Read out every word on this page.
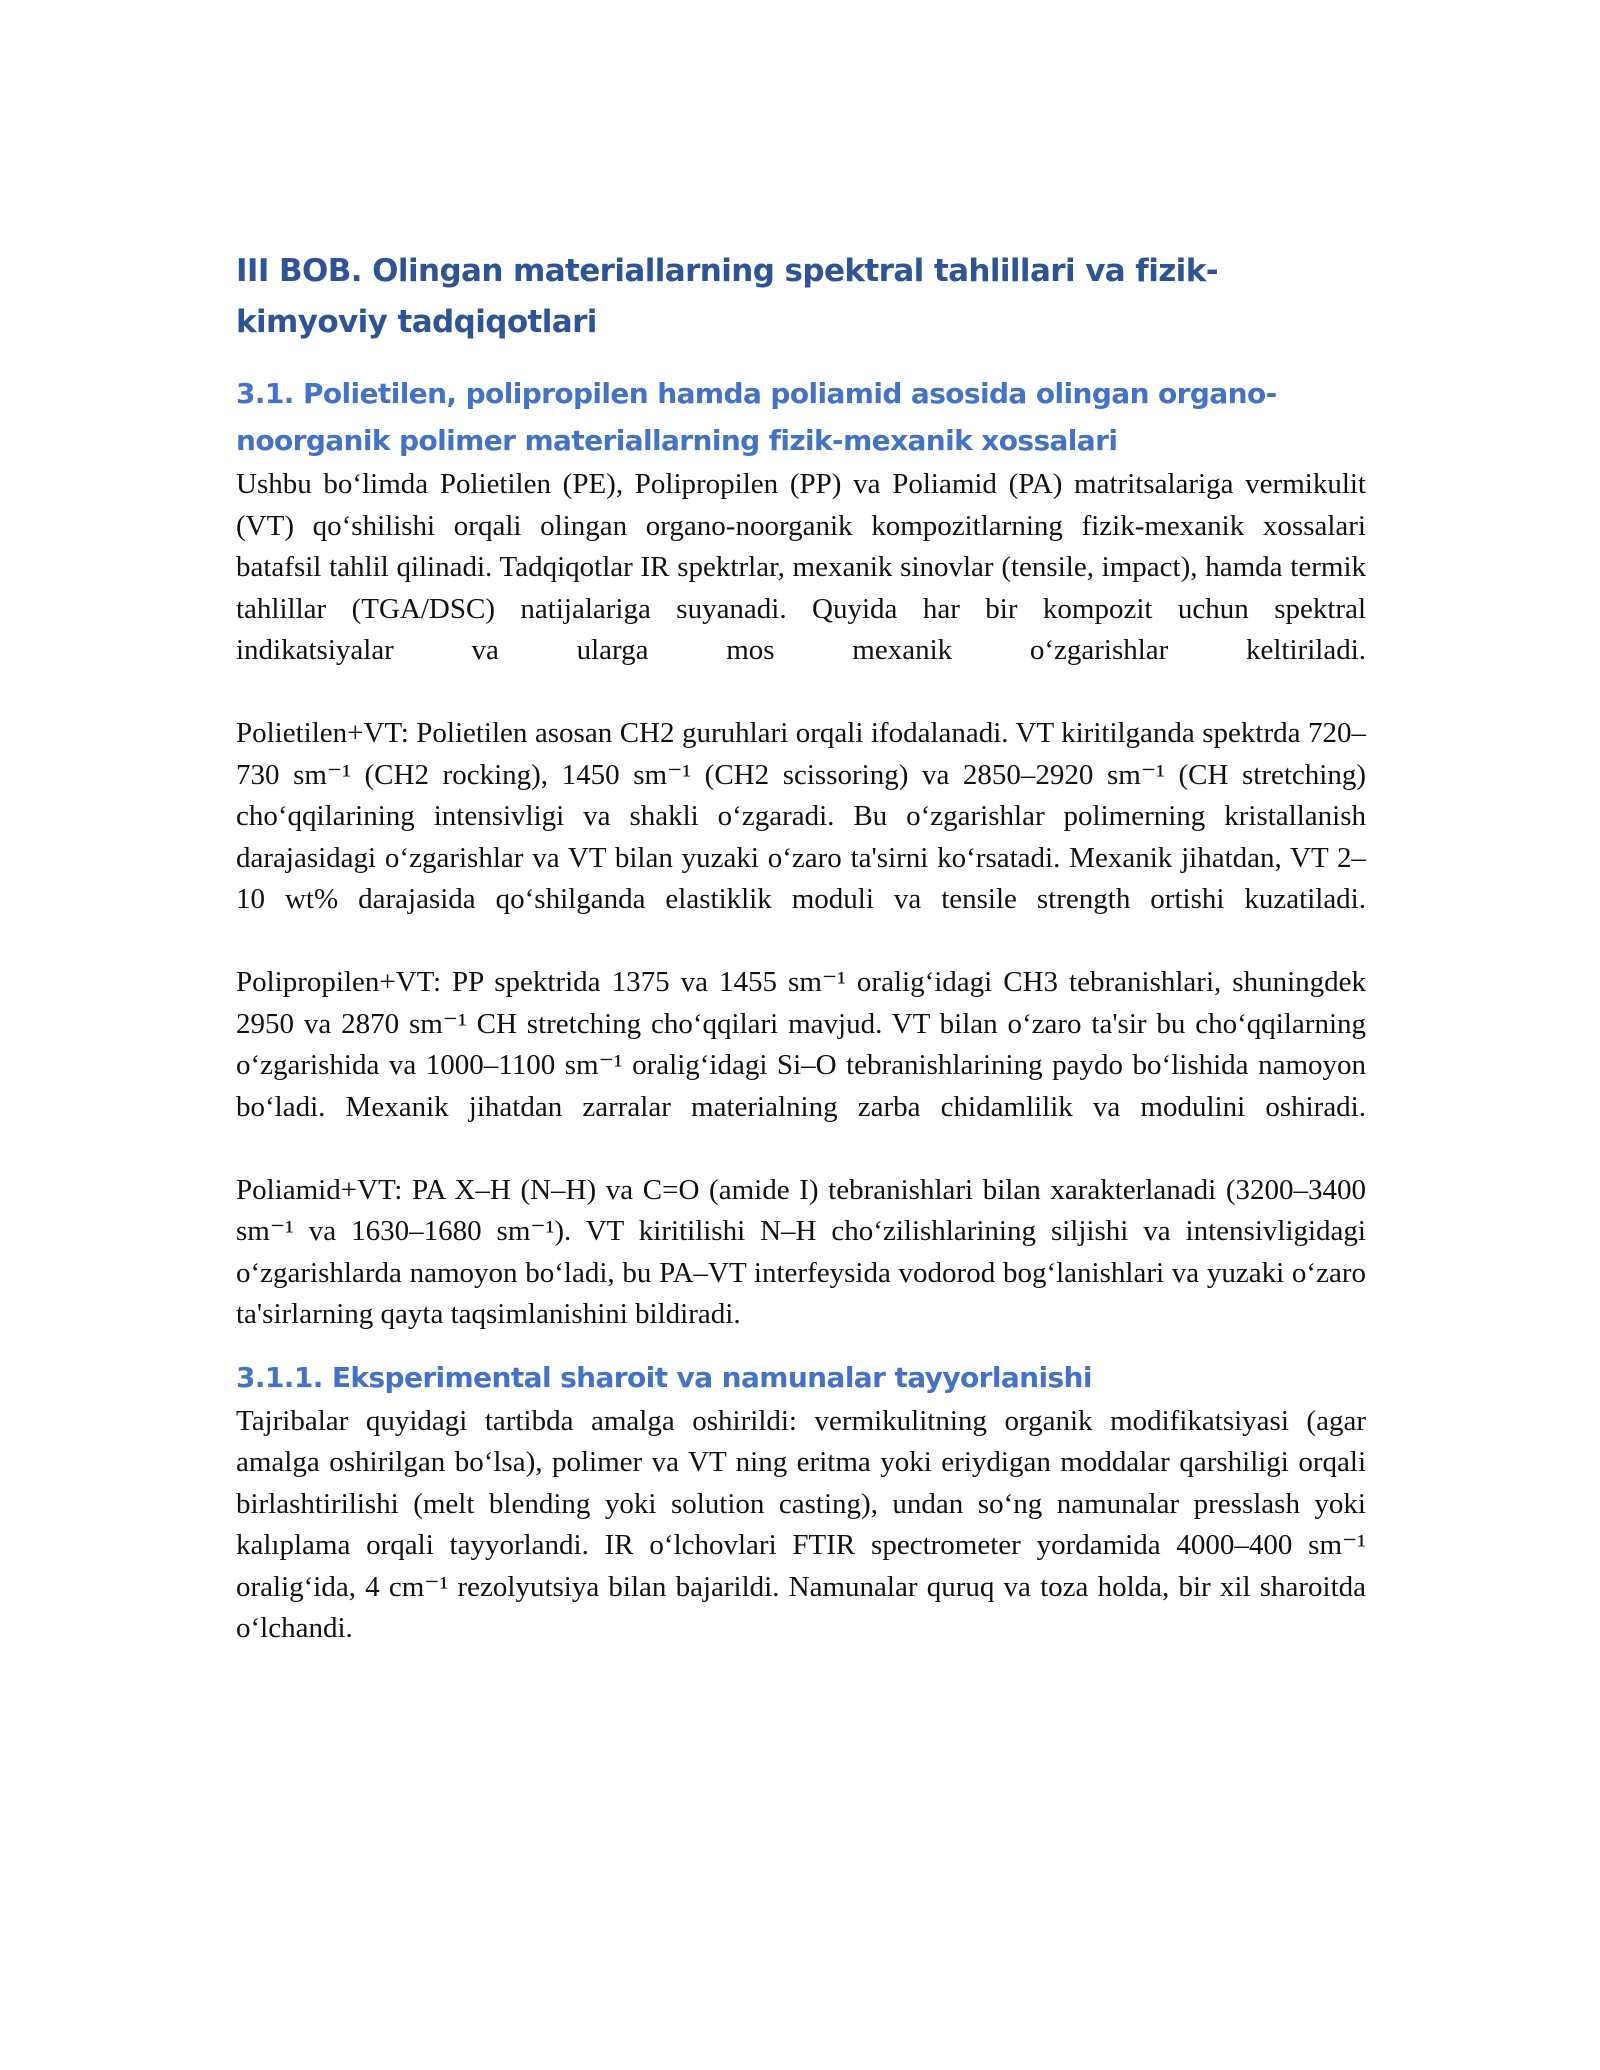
III BOB. Olingan materiallarning spektral tahlillari va fizik-kimyoviy tadqiqotlari
3.1. Polietilen, polipropilen hamda poliamid asosida olingan organo-noorganik polimer materiallarning fizik-mexanik xossalari

Ushbu bo‘limda Polietilen (PE), Polipropilen (PP) va Poliamid (PA) matritsalariga vermikulit (VT) qo‘shilishi orqali olingan organo-noorganik kompozitlarning fizik-mexanik xossalari batafsil tahlil qilinadi. Tadqiqotlar IR spektrlar, mexanik sinovlar (tensile, impact), hamda termik tahlillar (TGA/DSC) natijalariga suyanadi. Quyida har bir kompozit uchun spektral indikatsiyalar va ularga mos mexanik o‘zgarishlar keltiriladi.

Polietilen+VT: Polietilen asosan CH2 guruhlari orqali ifodalanadi. VT kiritilganda spektrda 720–730 sm⁻¹ (CH2 rocking), 1450 sm⁻¹ (CH2 scissoring) va 2850–2920 sm⁻¹ (CH stretching) cho‘qqilarining intensivligi va shakli o‘zgaradi. Bu o‘zgarishlar polimerning kristallanish darajasidagi o‘zgarishlar va VT bilan yuzaki o‘zaro ta'sirni ko‘rsatadi. Mexanik jihatdan, VT 2–10 wt% darajasida qo‘shilganda elastiklik moduli va tensile strength ortishi kuzatiladi.

Polipropilen+VT: PP spektrida 1375 va 1455 sm⁻¹ oralig‘idagi CH3 tebranishlari, shuningdek 2950 va 2870 sm⁻¹ CH stretching cho‘qqilari mavjud. VT bilan o‘zaro ta'sir bu cho‘qqilarning o‘zgarishida va 1000–1100 sm⁻¹ oralig‘idagi Si–O tebranishlarining paydo bo‘lishida namoyon bo‘ladi. Mexanik jihatdan zarralar materialning zarba chidamlilik va modulini oshiradi.

Poliamid+VT: PA X–H (N–H) va C=O (amide I) tebranishlari bilan xarakterlanadi (3200–3400 sm⁻¹ va 1630–1680 sm⁻¹). VT kiritilishi N–H cho‘zilishlarining siljishi va intensivligidagi o‘zgarishlarda namoyon bo‘ladi, bu PA–VT interfeysida vodorod bog‘lanishlari va yuzaki o‘zaro ta'sirlarning qayta taqsimlanishini bildiradi.

3.1.1. Eksperimental sharoit va namunalar tayyorlanishi

Tajribalar quyidagi tartibda amalga oshirildi: vermikulitning organik modifikatsiyasi (agar amalga oshirilgan bo‘lsa), polimer va VT ning eritma yoki eriydigan moddalar qarshiligi orqali birlashtirilishi (melt blending yoki solution casting), undan so‘ng namunalar presslash yoki kalıplama orqali tayyorlandi. IR o‘lchovlari FTIR spectrometer yordamida 4000–400 sm⁻¹ oralig‘ida, 4 cm⁻¹ rezolyutsiya bilan bajarildi. Namunalar quruq va toza holda, bir xil sharoitda o‘lchandi.
